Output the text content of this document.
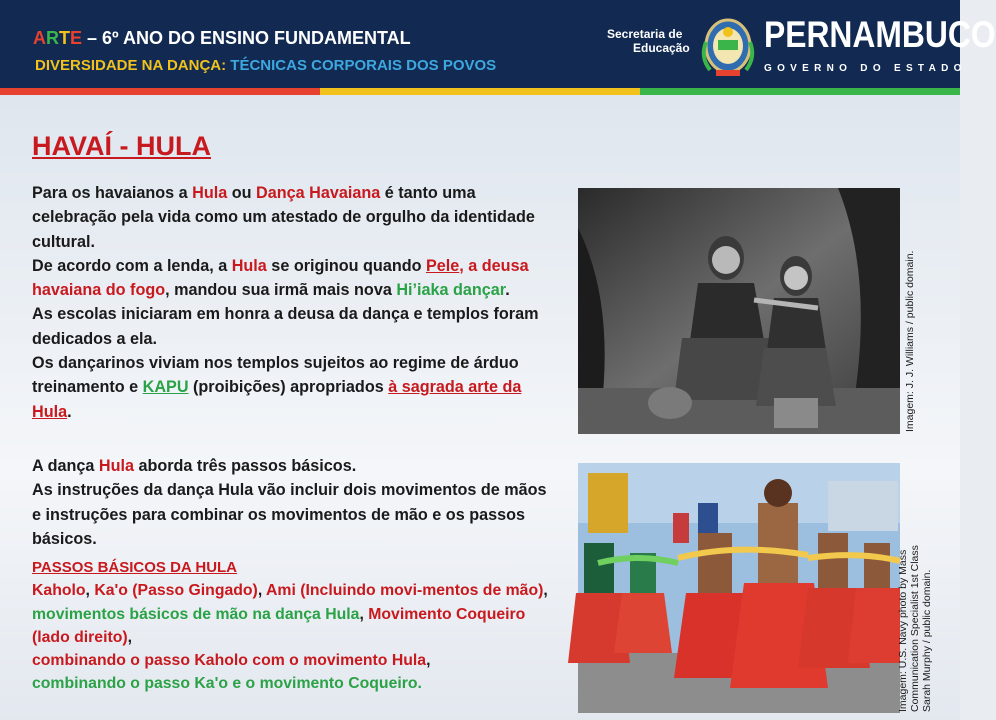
ARTE – 6º ANO DO ENSINO FUNDAMENTAL
DIVERSIDADE NA DANÇA: TÉCNICAS CORPORAIS DOS POVOS
Secretaria de
Educação PERNAMBUCO
GOVERNO DO ESTADO
HAVAÍ - HULA
Para os havaianos a Hula ou Dança Havaiana é tanto uma celebração pela vida como um atestado de orgulho da identidade cultural.
De acordo com a lenda, a Hula se originou quando Pele, a deusa havaiana do fogo, mandou sua irmã mais nova Hi’iaka dançar.
As escolas iniciaram em honra a deusa da dança e templos foram dedicados a ela.
Os dançarinos viviam nos templos sujeitos ao regime de árduo treinamento e KAPU (proibições) apropriados à sagrada arte da Hula.
A dança Hula aborda três passos básicos.
As instruções da dança Hula vão incluir dois movimentos de mãos e instruções para combinar os movimentos de mão e os passos básicos.
PASSOS BÁSICOS DA HULA
Kaholo, Ka'o (Passo Gingado), Ami (Incluindo movi-mentos de mão), movimentos básicos de mão na dança Hula, Movimento Coqueiro (lado direito),
combinando o passo Kaholo com o movimento Hula,
combinando o passo Ka'o e o movimento Coqueiro.
Imagem: J. J. Williams / public domain.
Imagem: U.S. Navy photo by Mass Communication Specialist 1st Class Sarah Murphy / public domain.
